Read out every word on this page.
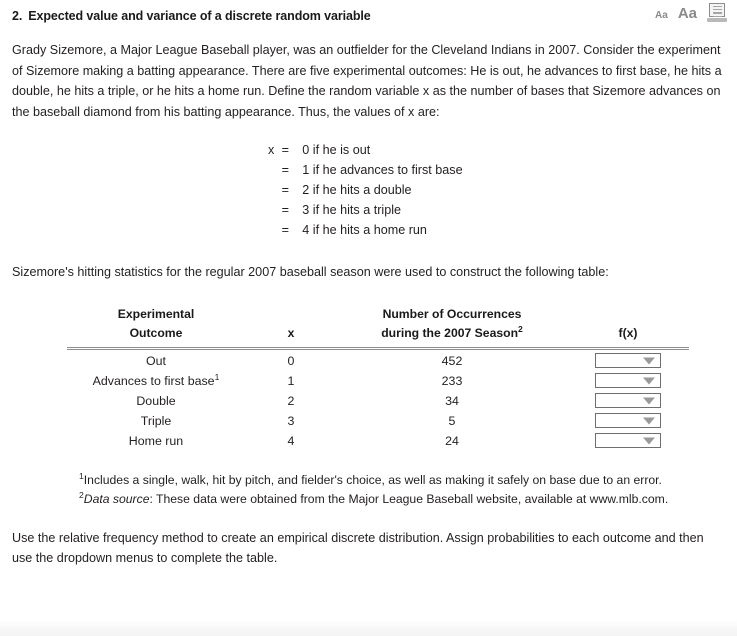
2. Expected value and variance of a discrete random variable	Aa Aa

Grady Sizemore, a Major League Baseball player, was an outfielder for the Cleveland Indians in 2007. Consider the experiment of Sizemore making a batting appearance. There are five experimental outcomes: He is out, he advances to first base, he hits a double, he hits a triple, or he hits a home run. Define the random variable x as the number of bases that Sizemore advances on the baseball diamond from his batting appearance. Thus, the values of x are:

x	=	0 if he is out
	=	1 if he advances to first base
	=	2 if he hits a double
	=	3 if he hits a triple
	=	4 if he hits a home run

Sizemore's hitting statistics for the regular 2007 baseball season were used to construct the following table:

Experimental
Outcome	x	Number of Occurrences
during the 2007 Season$^2$	f(x)

Out	0	452	

Advances to first base$^1$	1	233	

Double	2	34	

Triple	3	5	

Home run	4	24	

$^1$Includes a single, walk, hit by pitch, and fielder's choice, as well as making it safely on base due to an error.

$^2$Data source: These data were obtained from the Major League Baseball website, available at www.mlb.com.

Use the relative frequency method to create an empirical discrete distribution. Assign probabilities to each outcome and then use the dropdown menus to complete the table.
